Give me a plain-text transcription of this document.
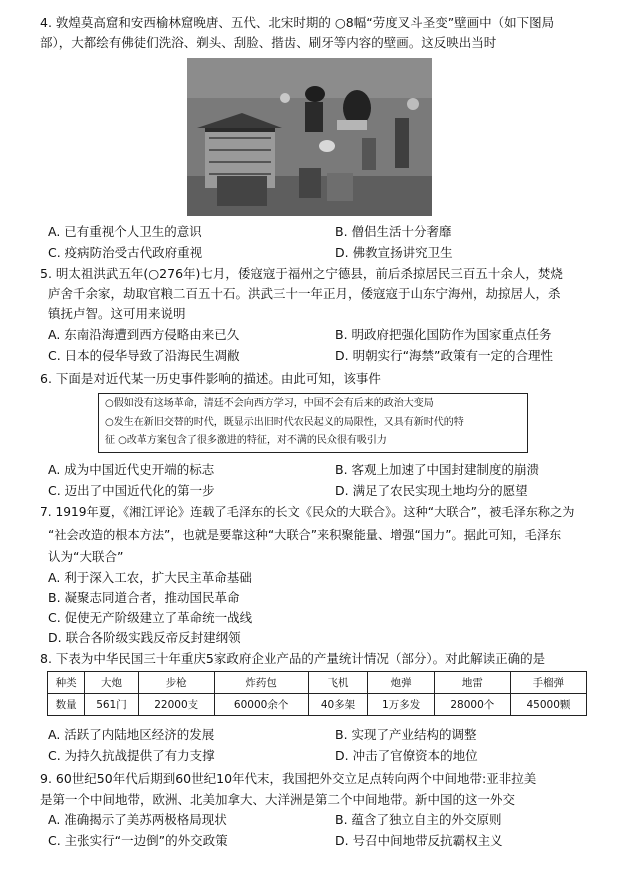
4. 敦煌莫高窟和安西榆林窟晚唐、五代、北宋时期的 ○8幅“劳度叉斗圣变”壁画中（如下图局
部），大都绘有佛徒们洗浴、剃头、刮脸、揩齿、刷牙等内容的壁画。这反映出当时
A. 已有重视个人卫生的意识	B. 僧侣生活十分奢靡
C. 疫病防治受古代政府重视	D. 佛教宣扬讲究卫生
5. 明太祖洪武五年(○276年)七月，倭寇寇于福州之宁德县，前后杀掠居民三百五十余人，焚烧
庐舍千余家，劫取官粮二百五十石。洪武三十一年正月，倭寇寇于山东宁海州，劫掠居人，杀
镇抚卢智。这可用来说明
A. 东南沿海遭到西方侵略由来已久	B. 明政府把强化国防作为国家重点任务
C. 日本的侵华导致了沿海民生凋敝	D. 明朝实行“海禁”政策有一定的合理性
6. 下面是对近代某一历史事件影响的描述。由此可知，该事件
○假如没有这场革命，清廷不会向西方学习，中国不会有后来的政治大变局
○发生在新旧交替的时代，既显示出旧时代农民起义的局限性，又具有新时代的特
征 ○改革方案包含了很多激进的特征，对不满的民众很有吸引力
A. 成为中国近代史开端的标志	B. 客观上加速了中国封建制度的崩溃
C. 迈出了中国近代化的第一步	D. 满足了农民实现土地均分的愿望
7. 1919年夏，《湘江评论》连载了毛泽东的长文《民众的大联合》。这种“大联合”，被毛泽东称之为
“社会改造的根本方法”，也就是要靠这种“大联合”来积聚能量、增强“国力”。据此可知，毛泽东
认为“大联合”
A. 利于深入工农，扩大民主革命基础
B. 凝聚志同道合者，推动国民革命
C. 促使无产阶级建立了革命统一战线
D. 联合各阶级实践反帝反封建纲领
8. 下表为中华民国三十年重庆5家政府企业产品的产量统计情况（部分）。对此解读正确的是
种类	大炮	步枪	炸药包	飞机	炮弹	地雷	手榴弹
数量	561门	22000支	60000余个	40多架	1万多发	28000个	45000颗
A. 活跃了内陆地区经济的发展	B. 实现了产业结构的调整
C. 为持久抗战提供了有力支撑	D. 冲击了官僚资本的地位
9. 60世纪50年代后期到60世纪10年代末，我国把外交立足点转向两个中间地带:亚非拉美
是第一个中间地带，欧洲、北美加拿大、大洋洲是第二个中间地带。新中国的这一外交
A. 准确揭示了美苏两极格局现状	B. 蕴含了独立自主的外交原则
C. 主张实行“一边倒”的外交政策	D. 号召中间地带反抗霸权主义
